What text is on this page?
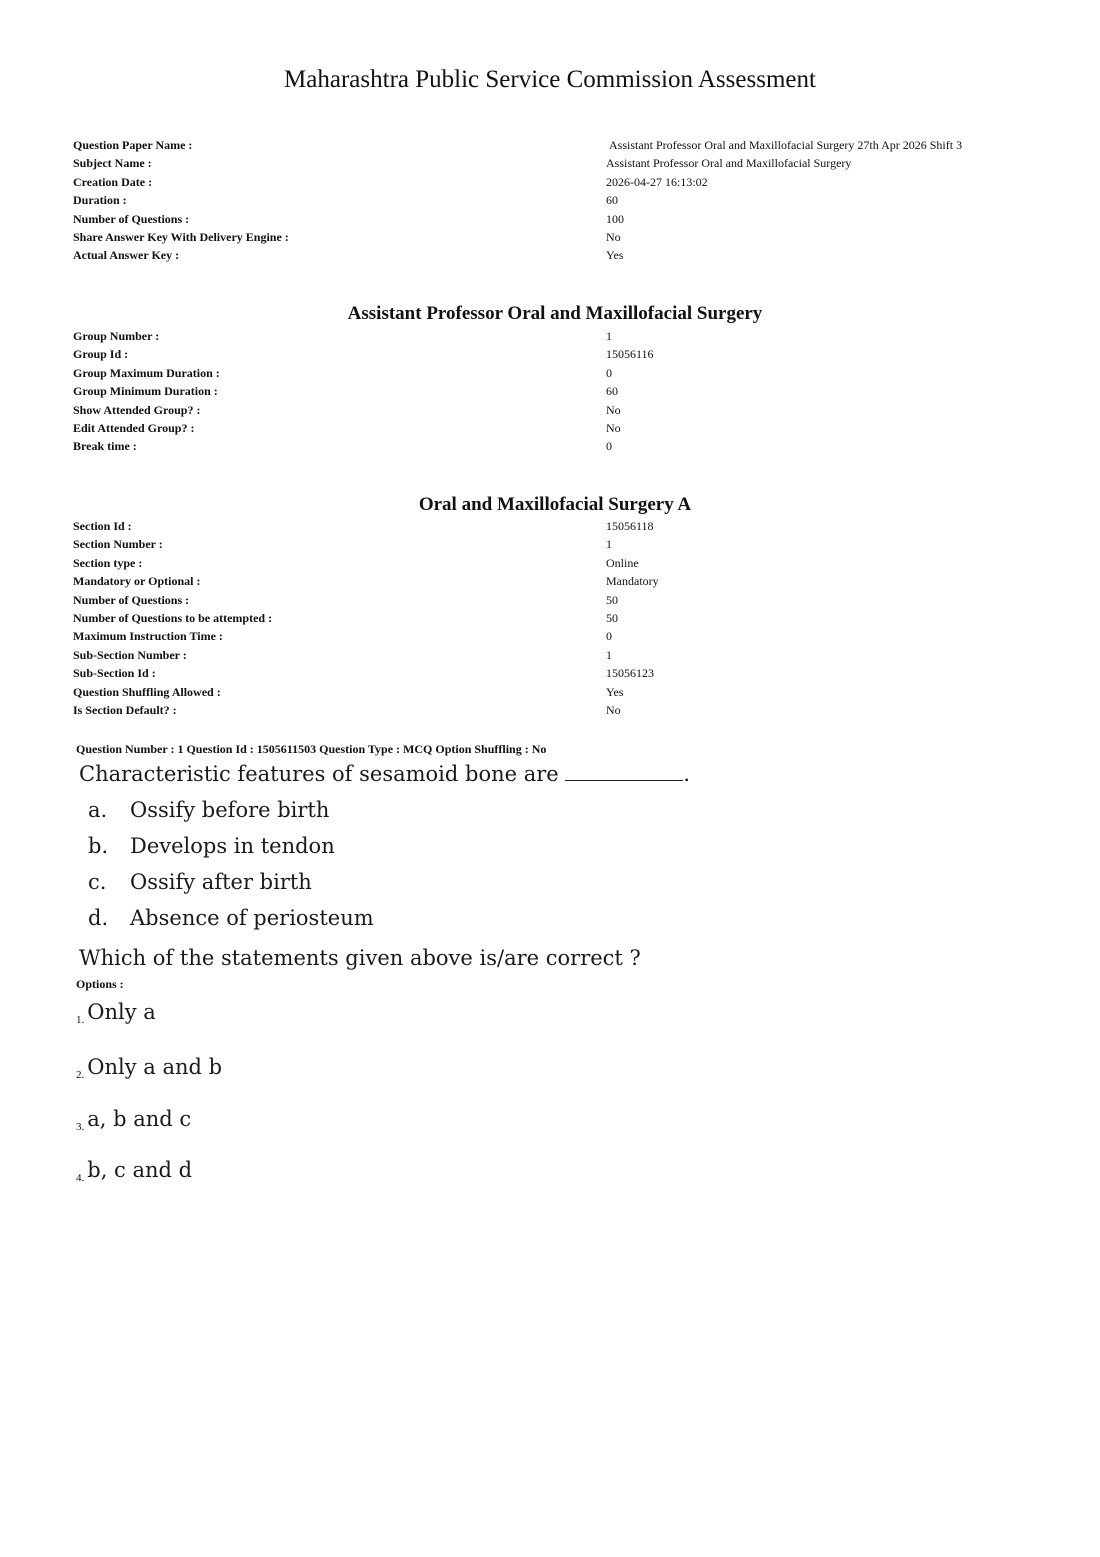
Maharashtra Public Service Commission Assessment
Question Paper Name :	Assistant Professor Oral and Maxillofacial Surgery 27th Apr 2026 Shift 3
Subject Name :	Assistant Professor Oral and Maxillofacial Surgery
Creation Date :	2026-04-27 16:13:02
Duration :	60
Number of Questions :	100
Share Answer Key With Delivery Engine :	No
Actual Answer Key :	Yes
Assistant Professor Oral and Maxillofacial Surgery
Group Number :	1
Group Id :	15056116
Group Maximum Duration :	0
Group Minimum Duration :	60
Show Attended Group? :	No
Edit Attended Group? :	No
Break time :	0
Oral and Maxillofacial Surgery A
Section Id :	15056118
Section Number :	1
Section type :	Online
Mandatory or Optional :	Mandatory
Number of Questions :	50
Number of Questions to be attempted :	50
Maximum Instruction Time :	0
Sub-Section Number :	1
Sub-Section Id :	15056123
Question Shuffling Allowed :	Yes
Is Section Default? :	No
Question Number : 1 Question Id : 1505611503 Question Type : MCQ Option Shuffling : No
Characteristic features of sesamoid bone are	.
a. Ossify before birth
b. Develops in tendon
c. Ossify after birth
d. Absence of periosteum
Which of the statements given above is/are correct ?
Options :
1. Only a
2. Only a and b
3. a, b and c
4. b, c and d
